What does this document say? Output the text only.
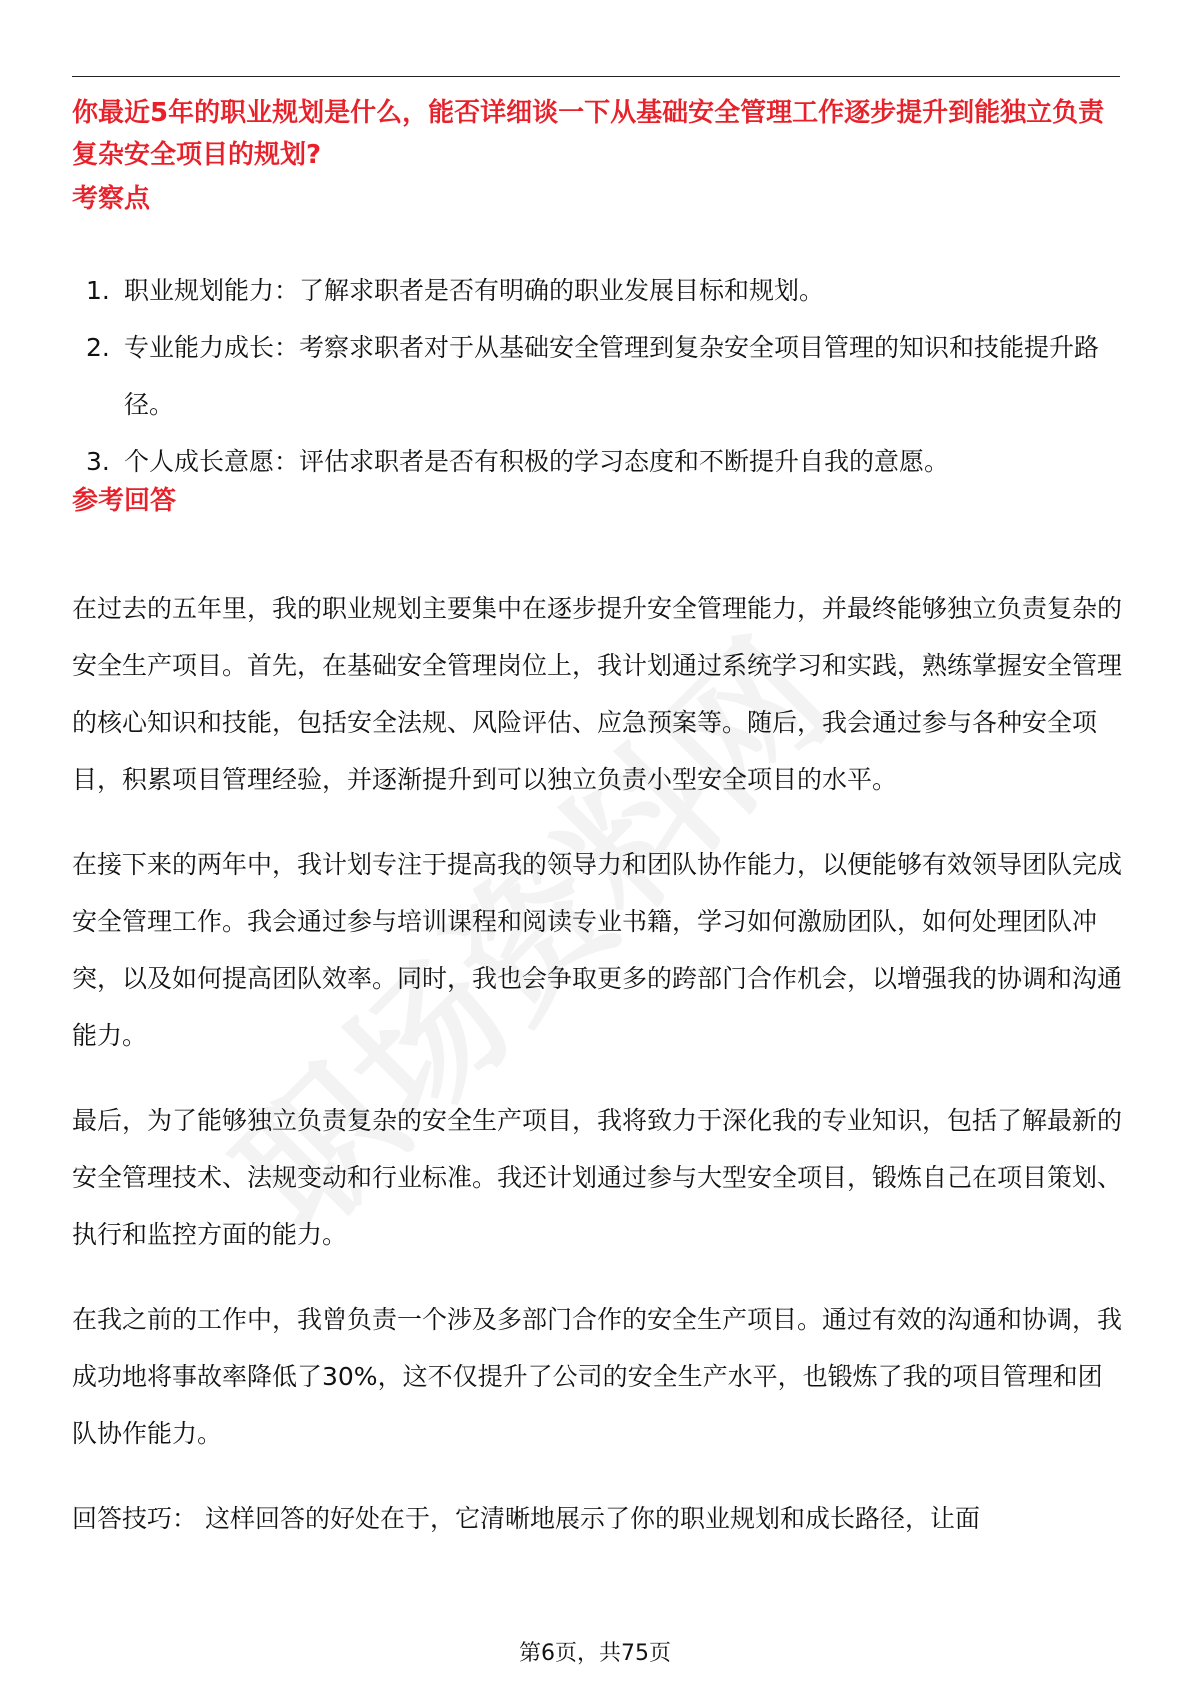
你最近5年的职业规划是什么，能否详细谈一下从基础安全管理工作逐步提升到能独立负责复杂安全项目的规划?
考察点
1. 职业规划能力：了解求职者是否有明确的职业发展目标和规划。
2. 专业能力成长：考察求职者对于从基础安全管理到复杂安全项目管理的知识和技能提升路径。
3. 个人成长意愿：评估求职者是否有积极的学习态度和不断提升自我的意愿。
参考回答

在过去的五年里，我的职业规划主要集中在逐步提升安全管理能力，并最终能够独立负责复杂的安全生产项目。首先，在基础安全管理岗位上，我计划通过系统学习和实践，熟练掌握安全管理的核心知识和技能，包括安全法规、风险评估、应急预案等。随后，我会通过参与各种安全项目，积累项目管理经验，并逐渐提升到可以独立负责小型安全项目的水平。

在接下来的两年中，我计划专注于提高我的领导力和团队协作能力，以便能够有效领导团队完成安全管理工作。我会通过参与培训课程和阅读专业书籍，学习如何激励团队，如何处理团队冲突，以及如何提高团队效率。同时，我也会争取更多的跨部门合作机会，以增强我的协调和沟通能力。

最后，为了能够独立负责复杂的安全生产项目，我将致力于深化我的专业知识，包括了解最新的安全管理技术、法规变动和行业标准。我还计划通过参与大型安全项目，锻炼自己在项目策划、执行和监控方面的能力。

在我之前的工作中，我曾负责一个涉及多部门合作的安全生产项目。通过有效的沟通和协调，我成功地将事故率降低了30%，这不仅提升了公司的安全生产水平，也锻炼了我的项目管理和团队协作能力。

回答技巧： 这样回答的好处在于，它清晰地展示了你的职业规划和成长路径，让面

第6页，共75页
